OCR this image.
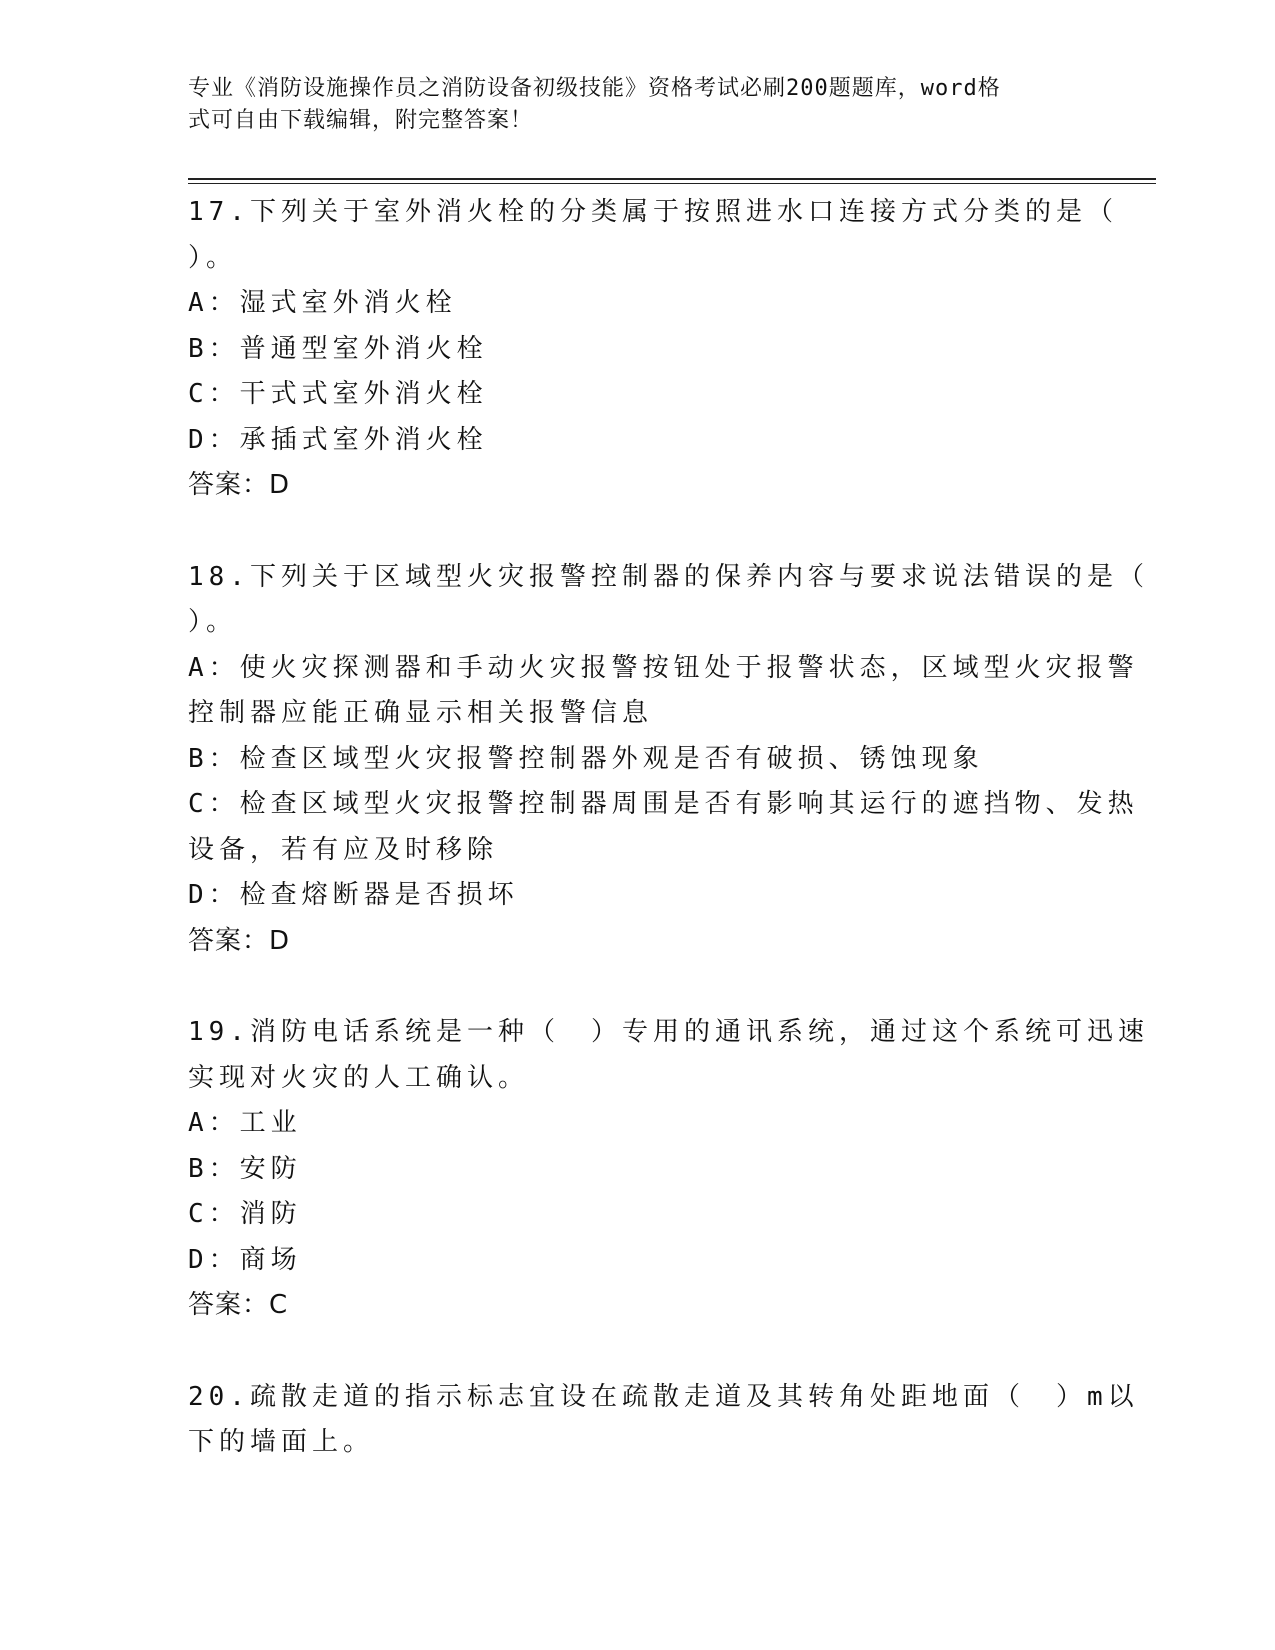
专业《消防设施操作员之消防设备初级技能》资格考试必刷200题题库，word格
式可自由下载编辑，附完整答案！
17.下列关于室外消火栓的分类属于按照进水口连接方式分类的是（
）。
A：湿式室外消火栓
B：普通型室外消火栓
C：干式式室外消火栓
D：承插式室外消火栓
答案：D
18.下列关于区域型火灾报警控制器的保养内容与要求说法错误的是（
）。
A：使火灾探测器和手动火灾报警按钮处于报警状态，区域型火灾报警
控制器应能正确显示相关报警信息
B：检查区域型火灾报警控制器外观是否有破损、锈蚀现象
C：检查区域型火灾报警控制器周围是否有影响其运行的遮挡物、发热
设备，若有应及时移除
D：检查熔断器是否损坏
答案：D
19.消防电话系统是一种（　）专用的通讯系统，通过这个系统可迅速
实现对火灾的人工确认。
A：工业
B：安防
C：消防
D：商场
答案：C
20.疏散走道的指示标志宜设在疏散走道及其转角处距地面（　）m以
下的墙面上。
